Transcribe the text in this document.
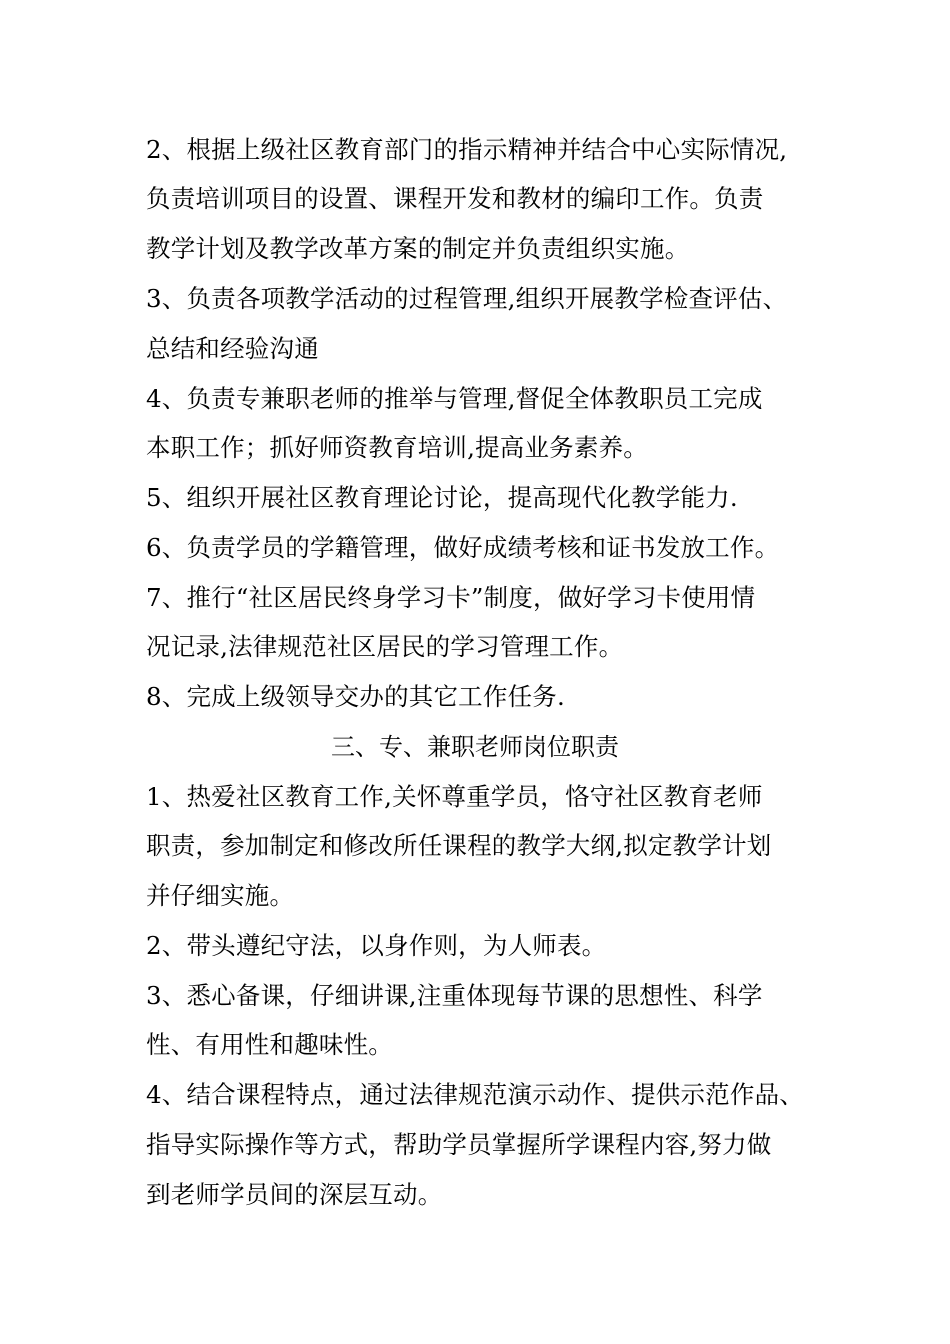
2、根据上级社区教育部门的指示精神并结合中心实际情况,
负责培训项目的设置、课程开发和教材的编印工作。负责
教学计划及教学改革方案的制定并负责组织实施。
3、负责各项教学活动的过程管理,组织开展教学检查评估、
总结和经验沟通
4、负责专兼职老师的推举与管理,督促全体教职员工完成
本职工作；抓好师资教育培训,提高业务素养。
5、组织开展社区教育理论讨论，提高现代化教学能力.
6、负责学员的学籍管理，做好成绩考核和证书发放工作。
7、推行“社区居民终身学习卡”制度，做好学习卡使用情
况记录,法律规范社区居民的学习管理工作。
8、完成上级领导交办的其它工作任务.
三、专、兼职老师岗位职责
1、热爱社区教育工作,关怀尊重学员，恪守社区教育老师
职责，参加制定和修改所任课程的教学大纲,拟定教学计划
并仔细实施。
2、带头遵纪守法，以身作则，为人师表。
3、悉心备课，仔细讲课,注重体现每节课的思想性、科学
性、有用性和趣味性。
4、结合课程特点，通过法律规范演示动作、提供示范作品、
指导实际操作等方式，帮助学员掌握所学课程内容,努力做
到老师学员间的深层互动。
